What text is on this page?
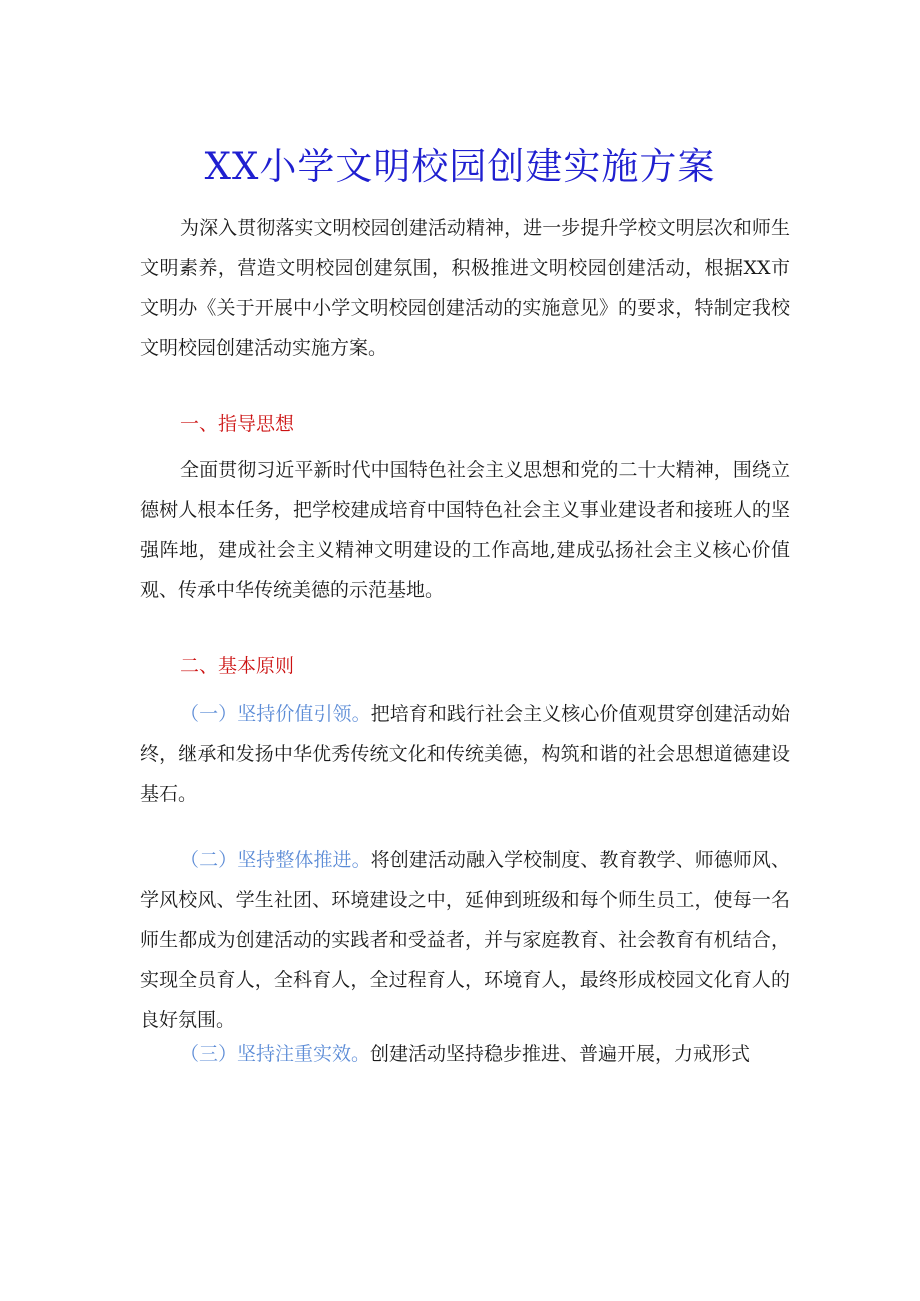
XX小学文明校园创建实施方案

为深入贯彻落实文明校园创建活动精神，进一步提升学校文明层次和师生文明素养，营造文明校园创建氛围，积极推进文明校园创建活动，根据XX市文明办《关于开展中小学文明校园创建活动的实施意见》的要求，特制定我校文明校园创建活动实施方案。

一、指导思想

全面贯彻习近平新时代中国特色社会主义思想和党的二十大精神，围绕立德树人根本任务，把学校建成培育中国特色社会主义事业建设者和接班人的坚强阵地，建成社会主义精神文明建设的工作高地,建成弘扬社会主义核心价值观、传承中华传统美德的示范基地。

二、基本原则

（一）坚持价值引领。把培育和践行社会主义核心价值观贯穿创建活动始终，继承和发扬中华优秀传统文化和传统美德，构筑和谐的社会思想道德建设基石。

（二）坚持整体推进。将创建活动融入学校制度、教育教学、师德师风、学风校风、学生社团、环境建设之中，延伸到班级和每个师生员工，使每一名师生都成为创建活动的实践者和受益者，并与家庭教育、社会教育有机结合，实现全员育人，全科育人，全过程育人，环境育人，最终形成校园文化育人的良好氛围。

（三）坚持注重实效。创建活动坚持稳步推进、普遍开展，力戒形式
